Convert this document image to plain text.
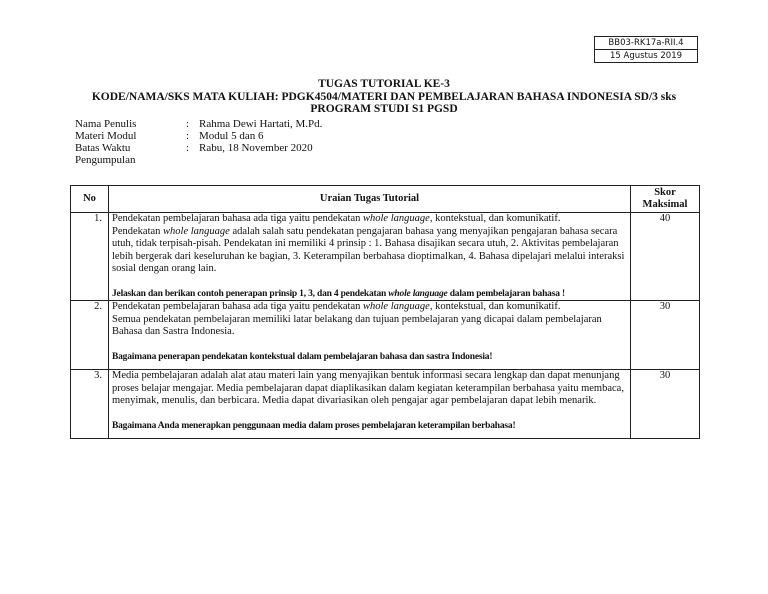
BB03-RK17a-RII.4
15 Agustus 2019
TUGAS TUTORIAL KE-3
KODE/NAMA/SKS MATA KULIAH: PDGK4504/MATERI DAN PEMBELAJARAN BAHASA INDONESIA SD/3 sks
PROGRAM STUDI S1 PGSD
Nama Penulis	: Rahma Dewi Hartati, M.Pd.
Materi Modul	: Modul 5 dan 6
Batas Waktu	: Rabu, 18 November 2020
Pengumpulan
No	Uraian Tugas Tutorial	Skor
Maksimal

1.	Pendekatan pembelajaran bahasa ada tiga yaitu pendekatan whole language, kontekstual, dan komunikatif.
Pendekatan whole language adalah salah satu pendekatan pengajaran bahasa yang menyajikan pengajaran bahasa secara utuh, tidak terpisah-pisah. Pendekatan ini memiliki 4 prinsip : 1. Bahasa disajikan secara utuh, 2. Aktivitas pembelajaran lebih bergerak dari keseluruhan ke bagian, 3. Keterampilan berbahasa dioptimalkan, 4. Bahasa dipelajari melalui interaksi sosial dengan orang lain.
Jelaskan dan berikan contoh penerapan prinsip 1, 3, dan 4 pendekatan whole language dalam pembelajaran bahasa !	40
2.	Pendekatan pembelajaran bahasa ada tiga yaitu pendekatan whole language, kontekstual, dan komunikatif.
Semua pendekatan pembelajaran memiliki latar belakang dan tujuan pembelajaran yang dicapai dalam pembelajaran Bahasa dan Sastra Indonesia.
Bagaimana penerapan pendekatan kontekstual dalam pembelajaran bahasa dan sastra Indonesia!	30
3.	Media pembelajaran adalah alat atau materi lain yang menyajikan bentuk informasi secara lengkap dan dapat menunjang proses belajar mengajar. Media pembelajaran dapat diaplikasikan dalam kegiatan keterampilan berbahasa yaitu membaca, menyimak, menulis, dan berbicara. Media dapat divariasikan oleh pengajar agar pembelajaran dapat lebih menarik.
Bagaimana Anda menerapkan penggunaan media dalam proses pembelajaran keterampilan berbahasa!	30
